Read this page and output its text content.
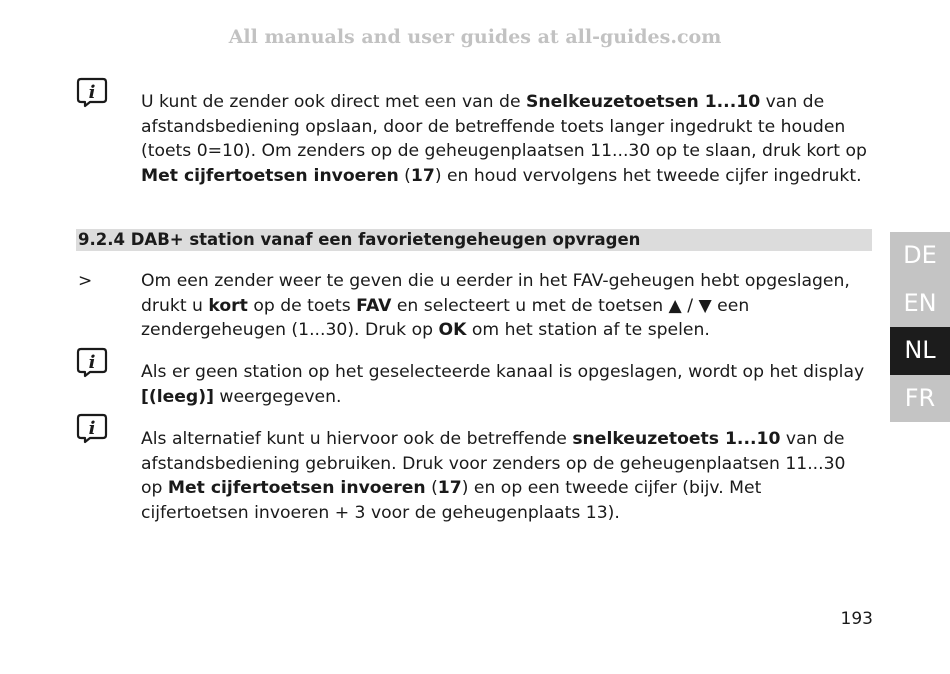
All manuals and user guides at all-guides.com
i	U kunt de zender ook direct met een van de Snelkeuzetoetsen 1...10 van de afstandsbediening opslaan, door de betreffende toets langer ingedrukt te houden (toets 0=10). Om zenders op de geheugenplaatsen 11...30 op te slaan, druk kort op Met cijfertoetsen invoeren (17) en houd vervolgens het tweede cijfer ingedrukt.
9.2.4 DAB+ station vanaf een favorietengeheugen opvragen
>	Om een zender weer te geven die u eerder in het FAV-geheugen hebt opgeslagen, drukt u kort op de toets FAV en selecteert u met de toetsen ▲ / ▼ een zendergeheugen (1...30). Druk op OK om het station af te spelen.
i	Als er geen station op het geselecteerde kanaal is opgeslagen, wordt op het display [(leeg)] weergegeven.
i	Als alternatief kunt u hiervoor ook de betreffende snelkeuzetoets 1...10 van de afstandsbediening gebruiken. Druk voor zenders op de geheugenplaatsen 11...30 op Met cijfertoetsen invoeren (17) en op een tweede cijfer (bijv. Met cijfertoetsen invoeren + 3 voor de geheugenplaats 13).
DE
EN
NL
FR
193
